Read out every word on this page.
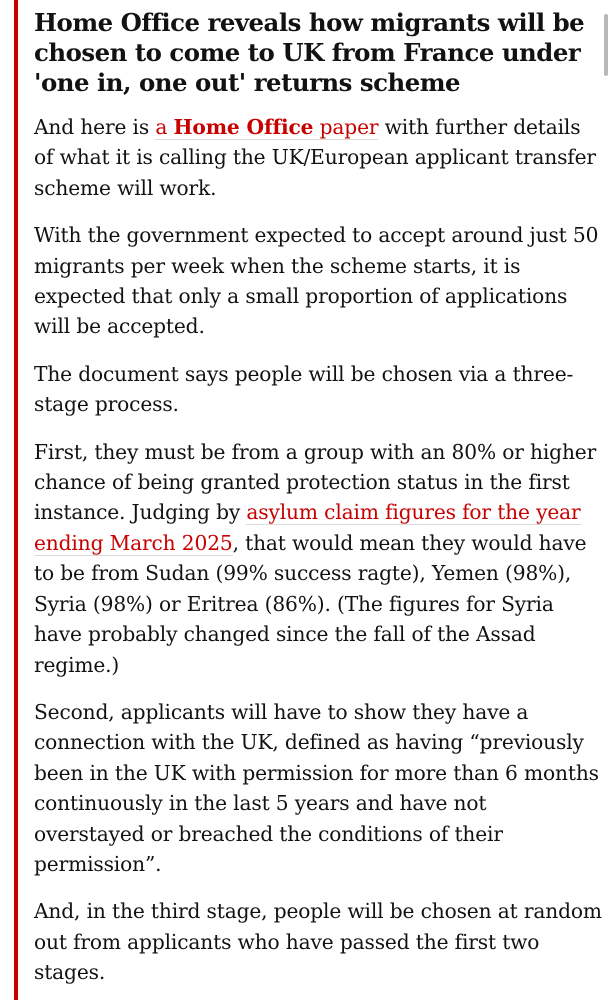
Home Office reveals how migrants will be
chosen to come to UK from France under
'one in, one out' returns scheme

And here is a Home Office paper with further details of what it is calling the UK/European applicant transfer scheme will work.

With the government expected to accept around just 50 migrants per week when the scheme starts, it is expected that only a small proportion of applications will be accepted.

The document says people will be chosen via a three-stage process.

First, they must be from a group with an 80% or higher chance of being granted protection status in the first instance. Judging by asylum claim figures for the year ending March 2025, that would mean they would have to be from Sudan (99% success ragte), Yemen (98%), Syria (98%) or Eritrea (86%). (The figures for Syria have probably changed since the fall of the Assad regime.)

Second, applicants will have to show they have a connection with the UK, defined as having “previously been in the UK with permission for more than 6 months continuously in the last 5 years and have not overstayed or breached the conditions of their permission”.

And, in the third stage, people will be chosen at random out from applicants who have passed the first two stages.
